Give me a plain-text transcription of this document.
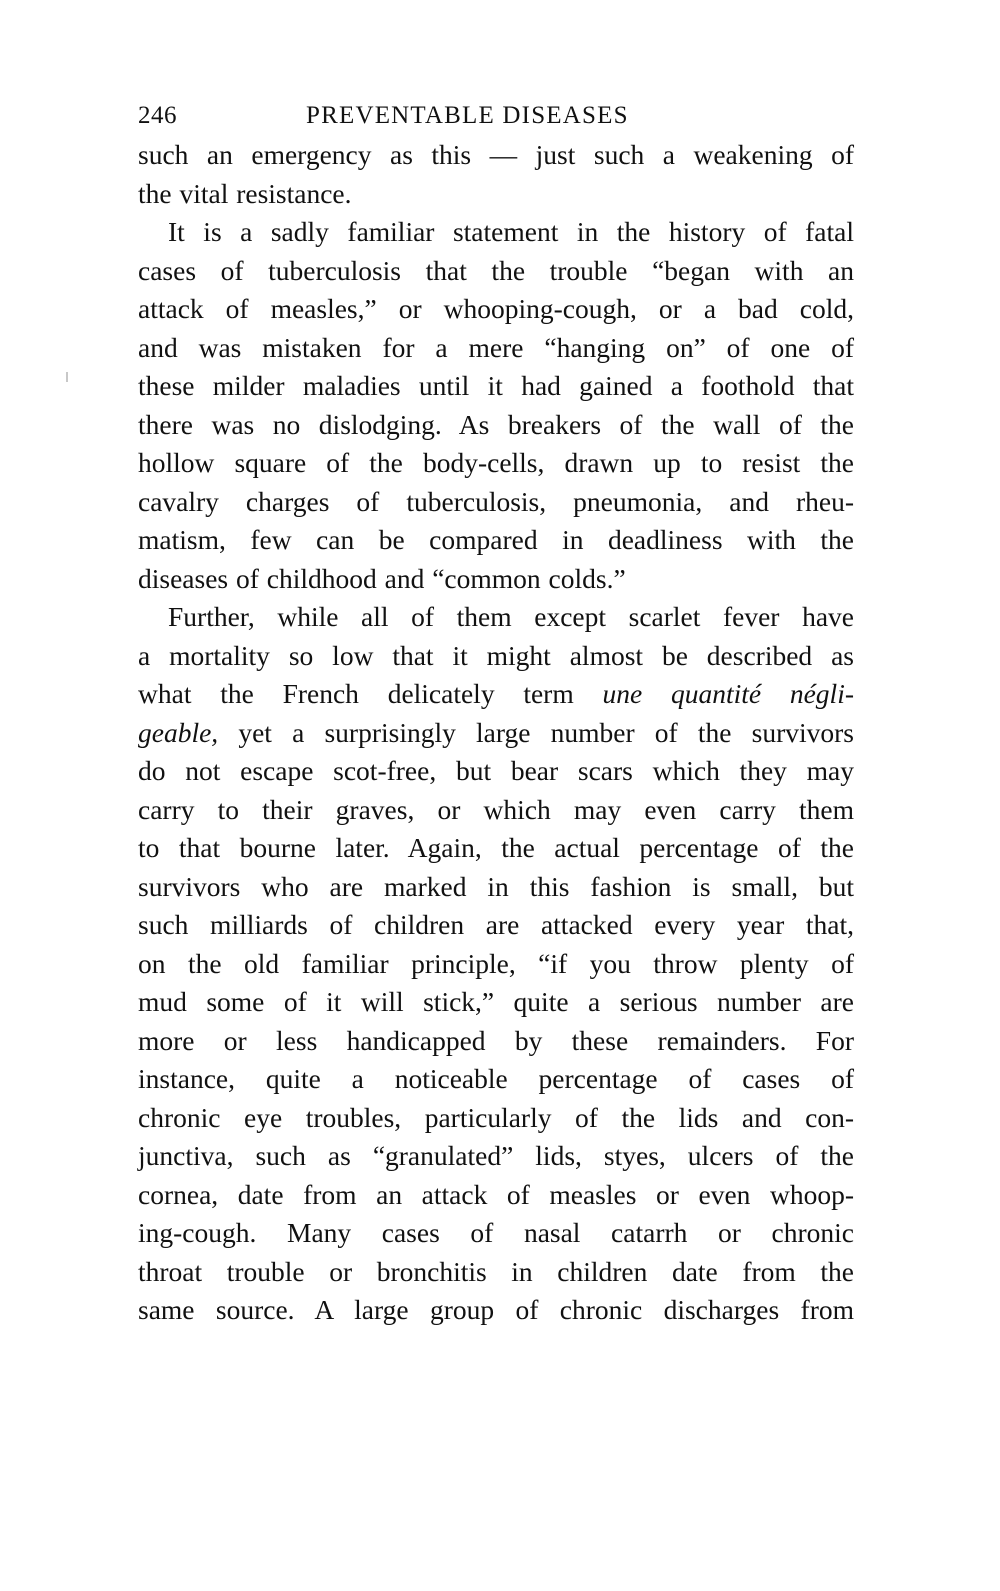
246	PREVENTABLE DISEASES
such an emergency as this — just such a weakening of
the vital resistance.
It is a sadly familiar statement in the history of fatal
cases of tuberculosis that the trouble “began with an
attack of measles,” or whooping-cough, or a bad cold,
and was mistaken for a mere “hanging on” of one of
these milder maladies until it had gained a foothold that
there was no dislodging. As breakers of the wall of the
hollow square of the body-cells, drawn up to resist the
cavalry charges of tuberculosis, pneumonia, and rheu-
matism, few can be compared in deadliness with the
diseases of childhood and “common colds.”
Further, while all of them except scarlet fever have
a mortality so low that it might almost be described as
what the French delicately term une quantité négli-
geable, yet a surprisingly large number of the survivors
do not escape scot-free, but bear scars which they may
carry to their graves, or which may even carry them
to that bourne later. Again, the actual percentage of the
survivors who are marked in this fashion is small, but
such milliards of children are attacked every year that,
on the old familiar principle, “if you throw plenty of
mud some of it will stick,” quite a serious number are
more or less handicapped by these remainders. For
instance, quite a noticeable percentage of cases of
chronic eye troubles, particularly of the lids and con-
junctiva, such as “granulated” lids, styes, ulcers of the
cornea, date from an attack of measles or even whoop-
ing-cough. Many cases of nasal catarrh or chronic
throat trouble or bronchitis in children date from the
same source. A large group of chronic discharges from
